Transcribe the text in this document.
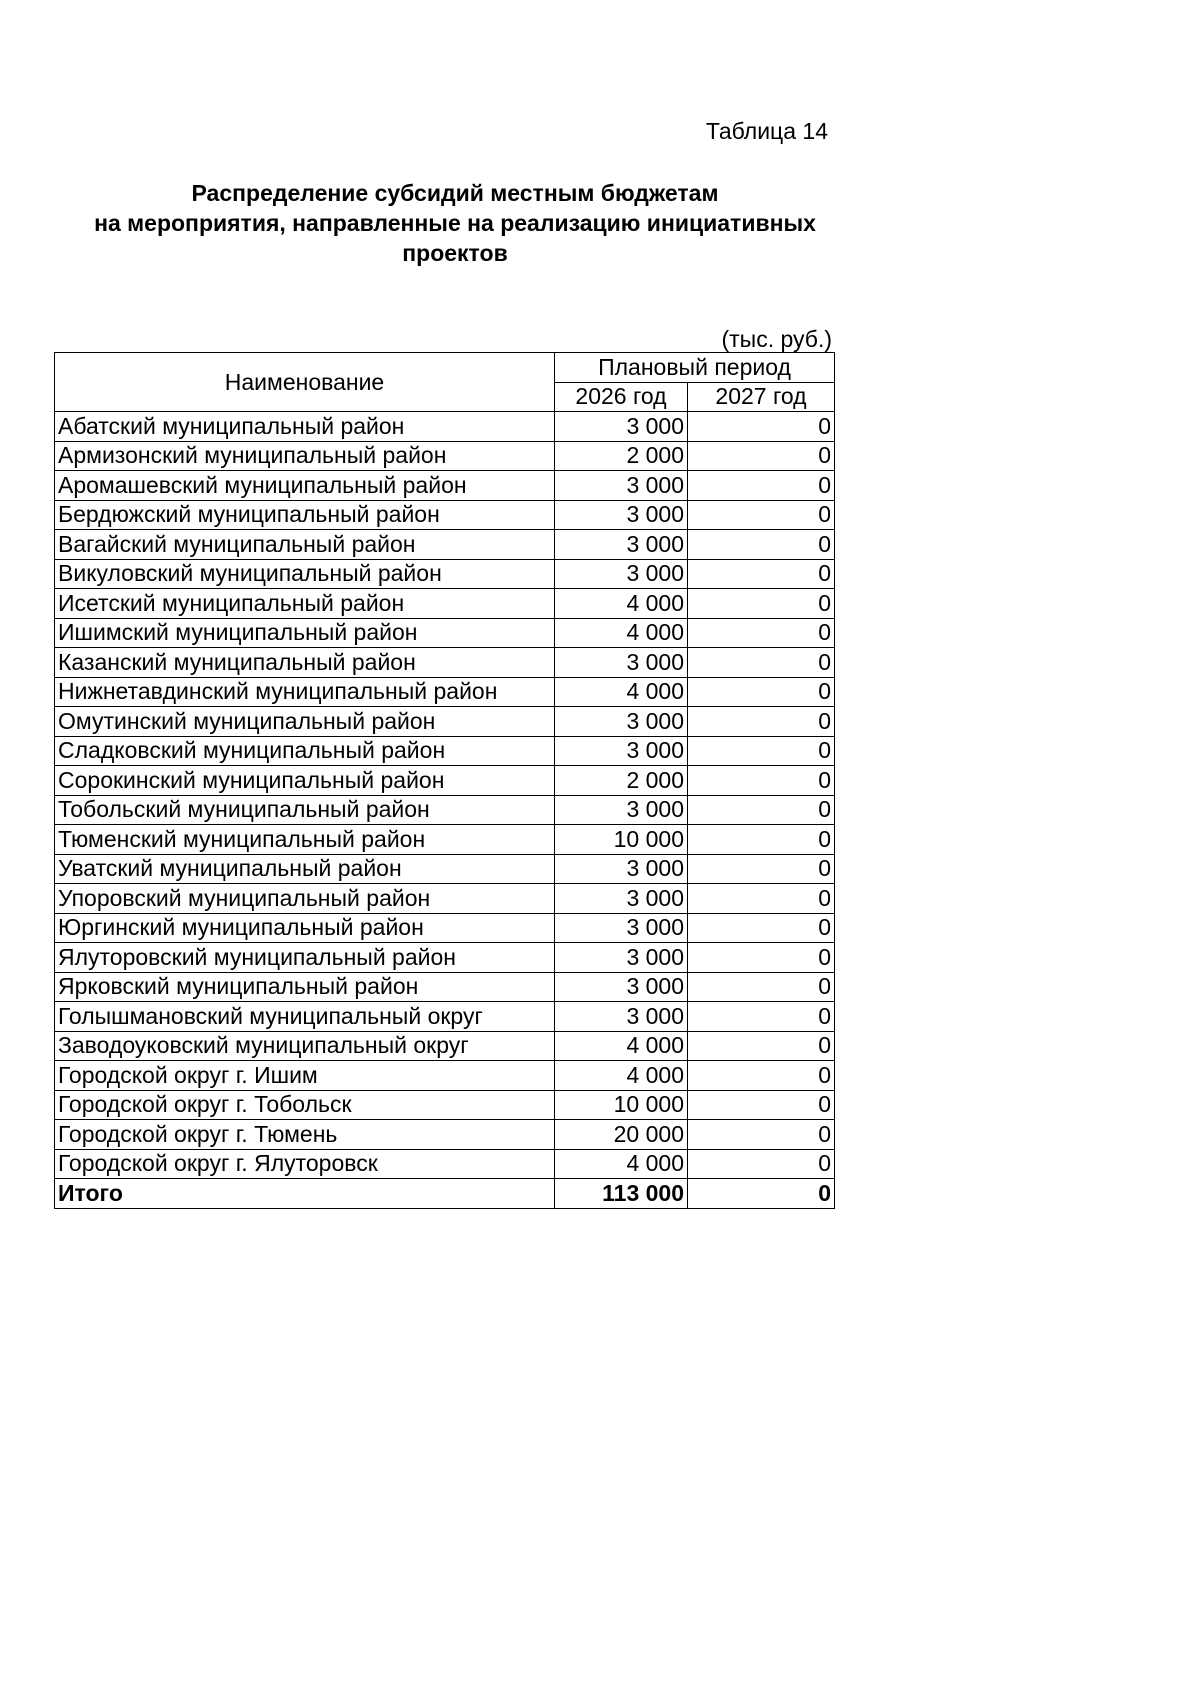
Таблица 14
Распределение субсидий местным бюджетам
на мероприятия, направленные на реализацию инициативных
проектов
(тыс. руб.)
Наименование	Плановый период	
	2026 год	2027 год
Абатский муниципальный район	3 000	0
Армизонский муниципальный район	2 000	0
Аромашевский муниципальный район	3 000	0
Бердюжский муниципальный район	3 000	0
Вагайский муниципальный район	3 000	0
Викуловский муниципальный район	3 000	0
Исетский муниципальный район	4 000	0
Ишимский муниципальный район	4 000	0
Казанский муниципальный район	3 000	0
Нижнетавдинский муниципальный район	4 000	0
Омутинский муниципальный район	3 000	0
Сладковский муниципальный район	3 000	0
Сорокинский муниципальный район	2 000	0
Тобольский муниципальный район	3 000	0
Тюменский муниципальный район	10 000	0
Уватский муниципальный район	3 000	0
Упоровский муниципальный район	3 000	0
Юргинский муниципальный район	3 000	0
Ялуторовский муниципальный район	3 000	0
Ярковский муниципальный район	3 000	0
Голышмановский муниципальный округ	3 000	0
Заводоуковский муниципальный округ	4 000	0
Городской округ г. Ишим	4 000	0
Городской округ г. Тобольск	10 000	0
Городской округ г. Тюмень	20 000	0
Городской округ г. Ялуторовск	4 000	0
Итого	113 000	0
